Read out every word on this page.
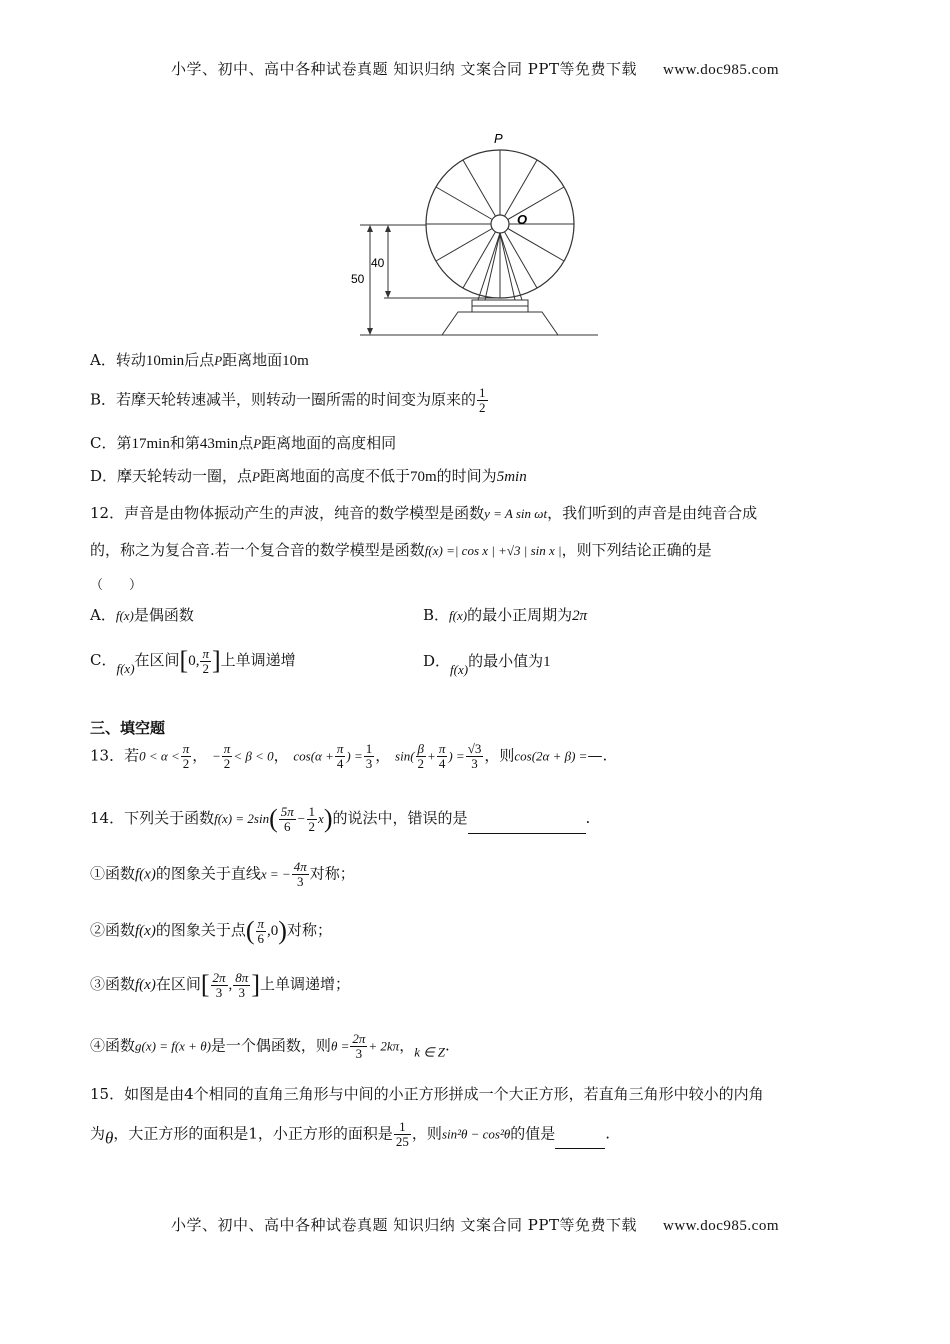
小学、初中、高中各种试卷真题 知识归纳 文案合同 PPT等免费下载 www.doc985.com
P
O
40
50
A．转动10min后点P距离地面10m
B．若摩天轮转速减半，则转动一圈所需的时间变为原来的 $\frac{1}{2}$
C．第17min和第43min点P距离地面的高度相同
D．摩天轮转动一圈，点P距离地面的高度不低于70m的时间为5min
12．声音是由物体振动产生的声波，纯音的数学模型是函数y = A sin ωt，我们听到的声音是由纯音合成
的，称之为复合音.若一个复合音的数学模型是函数f(x) =| cos x | +√3 | sin x |，则下列结论正确的是
（　　）
A．f(x)是偶函数	B．f(x)的最小正周期为2π
C．f(x)在区间[0, $\frac{\pi}{2}$ ]上单调递增	D．f(x)的最小值为1
三、填空题
13．若$0 < \alpha < \frac{\pi}{2}$ ， − $\frac{\pi}{2} < \beta < 0$， $\cos(\alpha + \frac{\pi}{4}$ ) = $\frac{1}{3}$ ， $\sin( \frac{\beta}{2} + \frac{\pi}{4}$ ) = $\frac{√3}{3}$ ，则cos(2α + β) =—.
14．下列关于函数$f(x) = 2\sin( \frac{5\pi}{6} - \frac{1}{2} x)$的说法中，错误的是	.
①函数f(x)的图象关于直线x = − $\frac{4\pi}{3}$ 对称；
②函数f(x)的图象关于点( $\frac{\pi}{6} ,0$)对称；
③函数f(x)在区间[ $\frac{2\pi}{3}$ , $\frac{8\pi}{3}$ ]上单调递增；
④函数g(x) = f(x + θ)是一个偶函数，则$\theta = \frac{2\pi}{3} + 2k\pi$，k ∈ Z.
15．如图是由4个相同的直角三角形与中间的小正方形拼成一个大正方形，若直角三角形中较小的内角
为θ，大正方形的面积是1，小正方形的面积是 $\frac{1}{25}$ ，则sin²θ − cos²θ的值是	.
小学、初中、高中各种试卷真题 知识归纳 文案合同 PPT等免费下载 www.doc985.com
